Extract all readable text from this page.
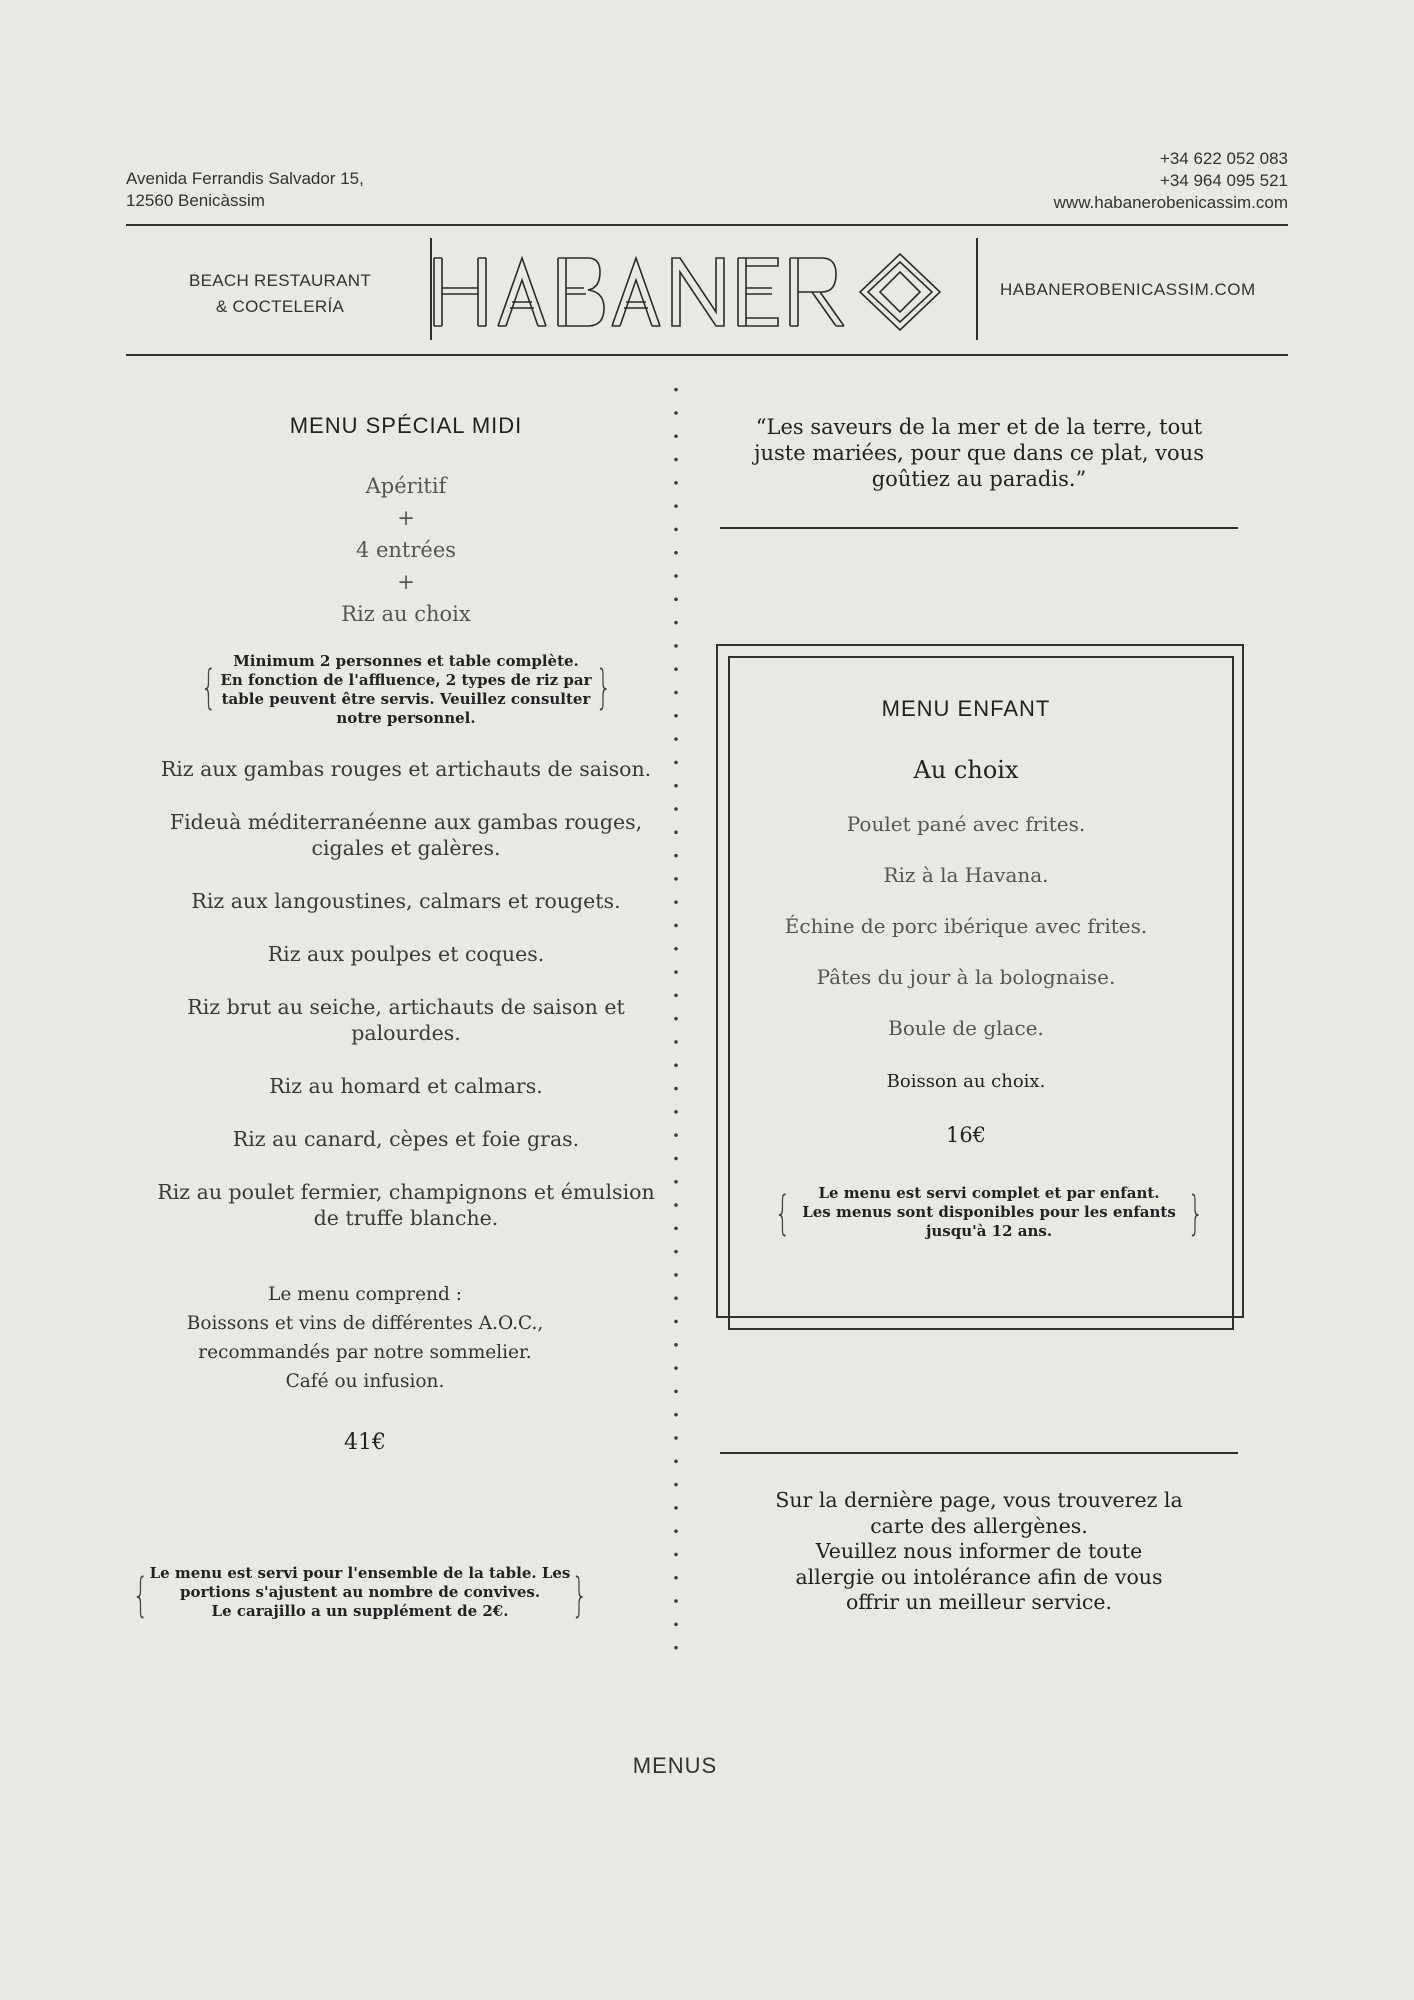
Avenida Ferrandis Salvador 15,
12560 Benicàssim
+34 622 052 083
+34 964 095 521
www.habanerobenicassim.com
BEACH RESTAURANT
& COCTELERÍA
HABANEROBENICASSIM.COM
MENU SPÉCIAL MIDI
Apéritif
+
4 entrées
+
Riz au choix
{	Minimum 2 personnes et table complète.
En fonction de l'affluence, 2 types de riz par
table peuvent être servis. Veuillez consulter
notre personnel.
}
Riz aux gambas rouges et artichauts de saison.
Fideuà méditerranéenne aux gambas rouges,
cigales et galères.
Riz aux langoustines, calmars et rougets.
Riz aux poulpes et coques.
Riz brut au seiche, artichauts de saison et
palourdes.
Riz au homard et calmars.
Riz au canard, cèpes et foie gras.
Riz au poulet fermier, champignons et émulsion
de truffe blanche.
Le menu comprend :
Boissons et vins de différentes A.O.C.,
recommandés par notre sommelier.
Café ou infusion.
41€
{ Le menu est servi pour l'ensemble de la table. Les
portions s'ajustent au nombre de convives.
Le carajillo a un supplément de 2€.	}
“Les saveurs de la mer et de la terre, tout
juste mariées, pour que dans ce plat, vous
goûtiez au paradis.”
MENU ENFANT
Au choix
Poulet pané avec frites.
Riz à la Havana.
Échine de porc ibérique avec frites.
Pâtes du jour à la bolognaise.
Boule de glace.
Boisson au choix.
16€
{	Le menu est servi complet et par enfant.
Les menus sont disponibles pour les enfants
jusqu'à 12 ans.	}
Sur la dernière page, vous trouverez la
carte des allergènes.
Veuillez nous informer de toute
allergie ou intolérance afin de vous
offrir un meilleur service.
MENUS
